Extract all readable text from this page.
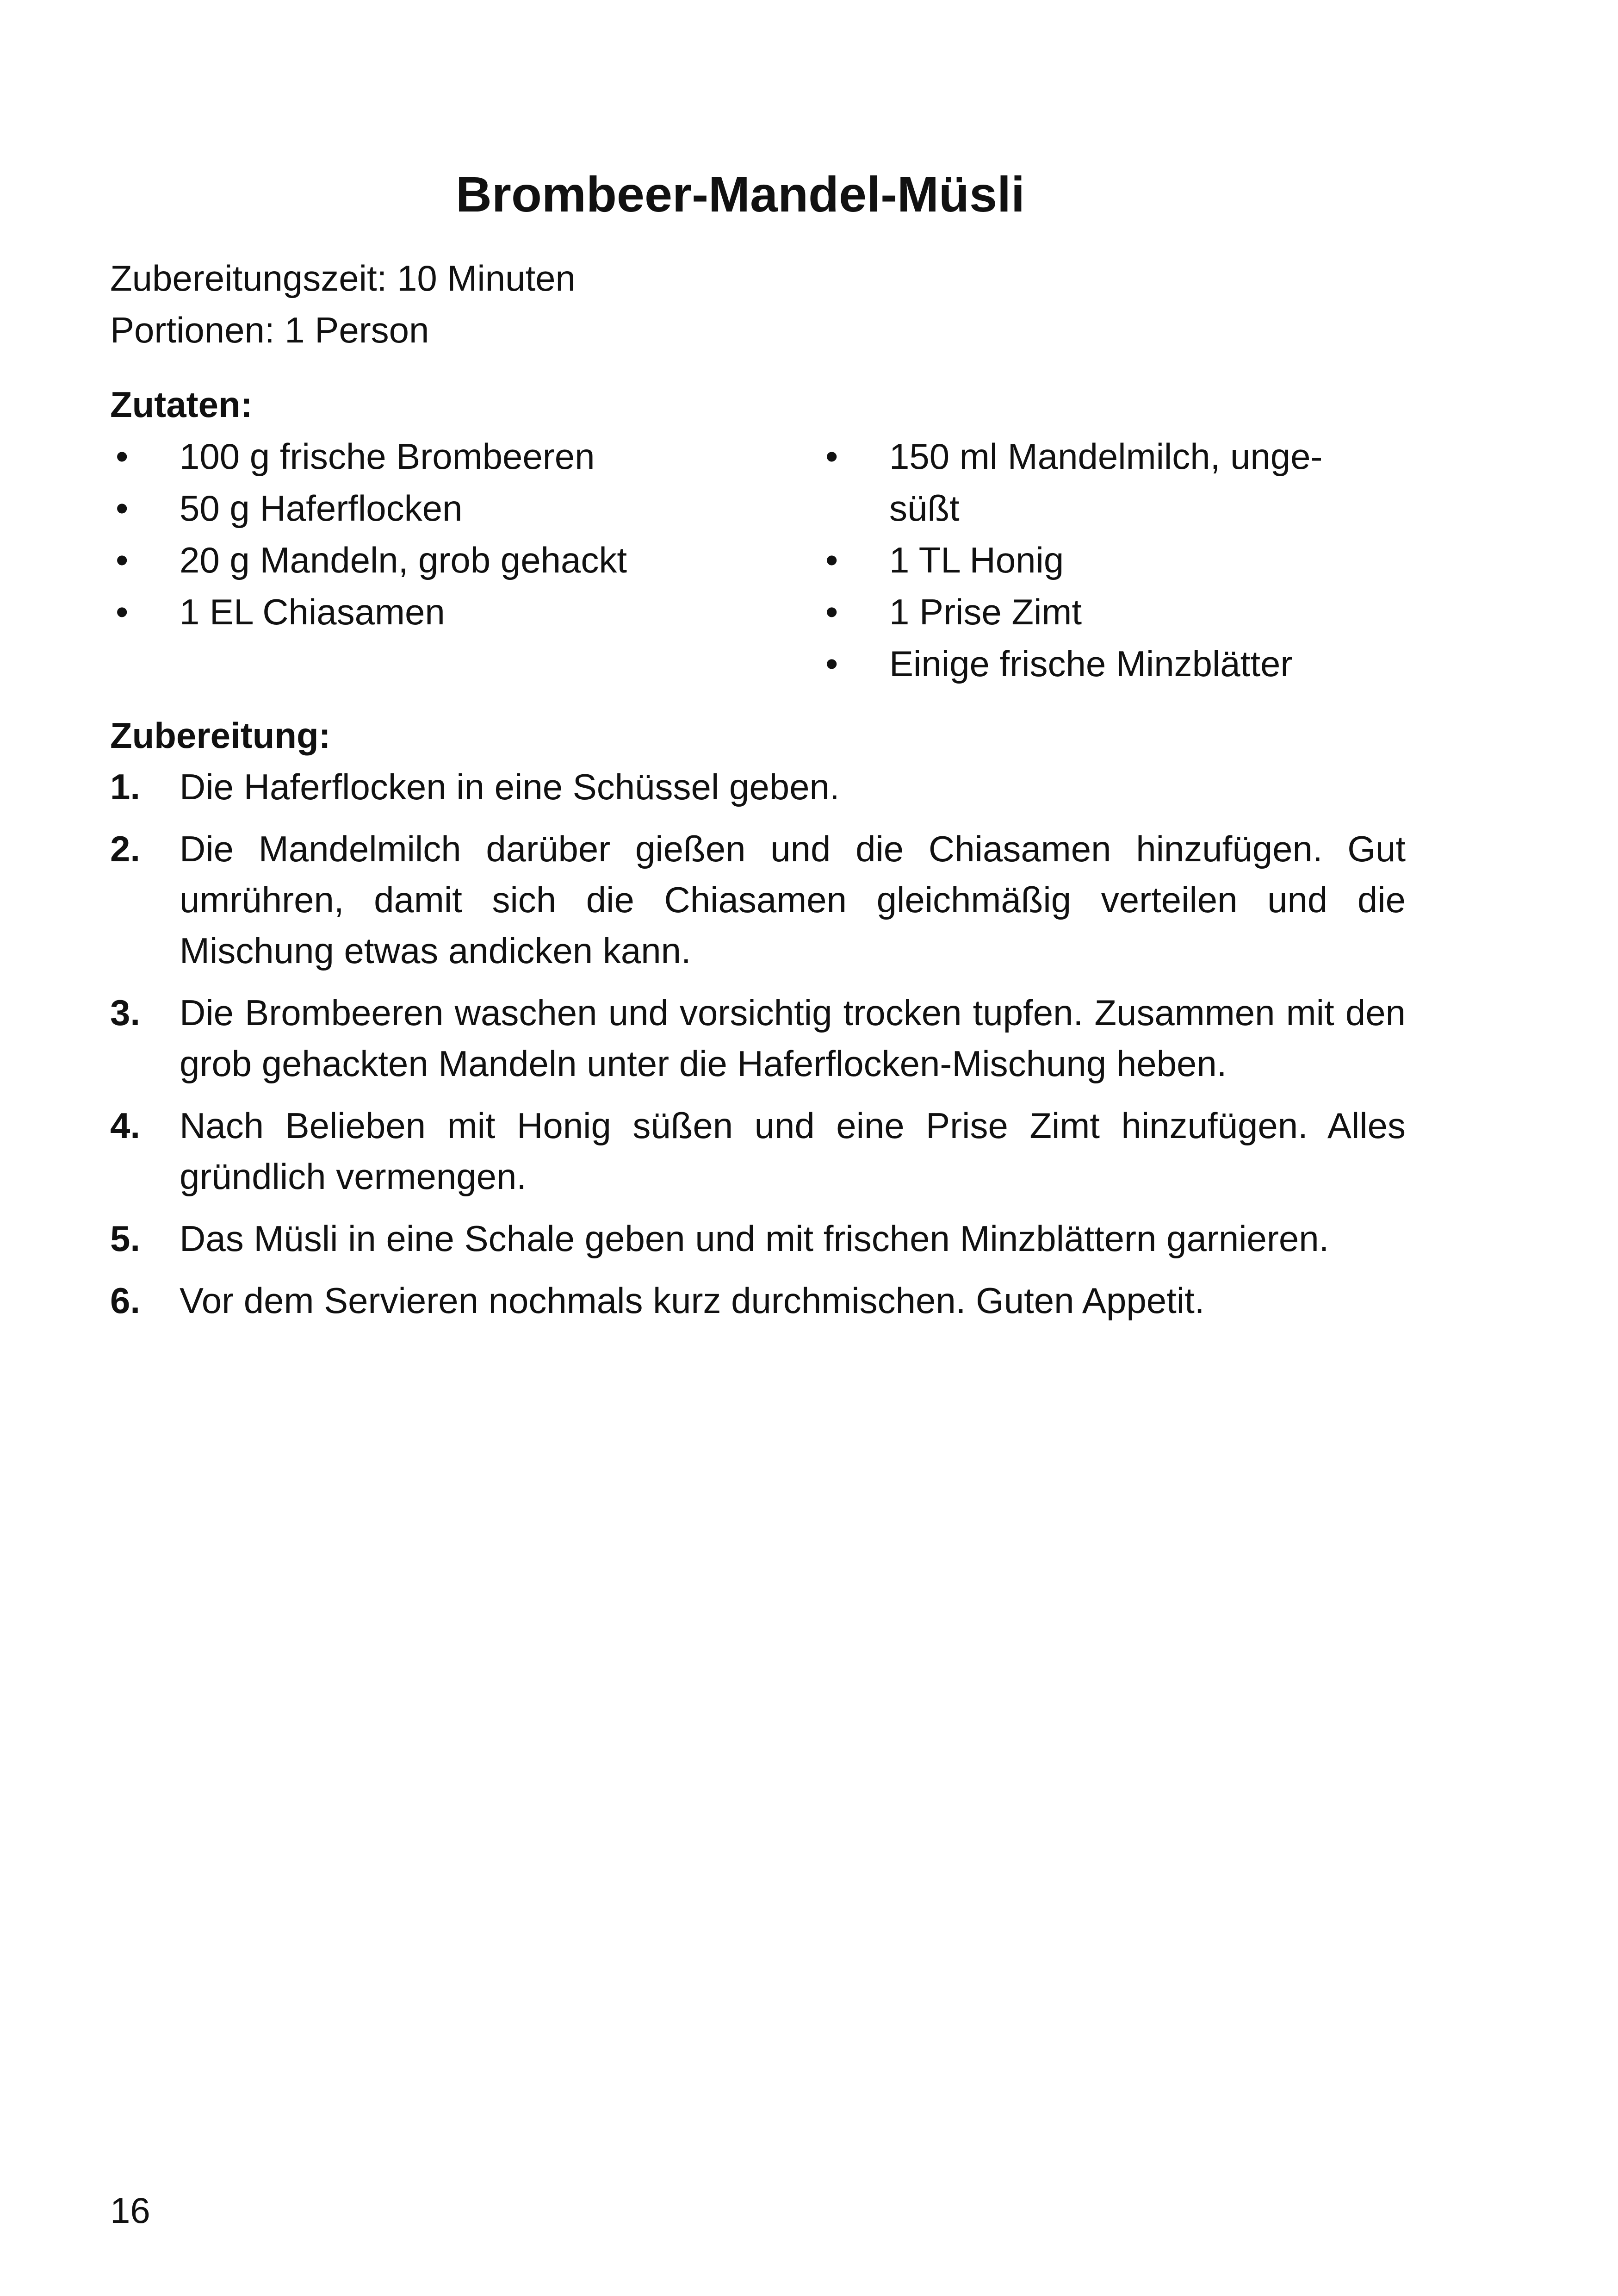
Brombeer-Mandel-Müsli
Zubereitungszeit: 10 Minuten
Portionen: 1 Person
Zutaten:
• 100 g frische Brombeeren
• 50 g Haferflocken
• 20 g Mandeln, grob gehackt
• 1 EL Chiasamen
• 150 ml Mandelmilch, ungesüßt
• 1 TL Honig
• 1 Prise Zimt
• Einige frische Minzblätter
Zubereitung:
1. Die Haferflocken in eine Schüssel geben.
2. Die Mandelmilch darüber gießen und die Chiasamen hinzufügen. Gut umrühren, damit sich die Chiasamen gleichmäßig verteilen und die Mischung etwas andicken kann.
3. Die Brombeeren waschen und vorsichtig trocken tupfen. Zusammen mit den grob gehackten Mandeln unter die Haferflocken-Mischung heben.
4. Nach Belieben mit Honig süßen und eine Prise Zimt hinzufügen. Alles gründlich vermengen.
5. Das Müsli in eine Schale geben und mit frischen Minzblättern garnieren.
6. Vor dem Servieren nochmals kurz durchmischen. Guten Appetit.
16
